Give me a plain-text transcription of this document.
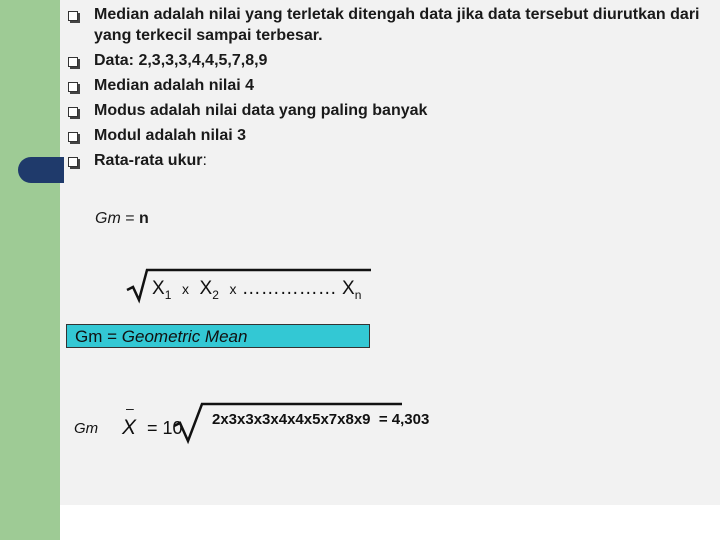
Median adalah nilai yang terletak ditengah data jika data tersebut diurutkan dari yang terkecil sampai terbesar.
Data: 2,3,3,3,4,4,5,7,8,9
Median adalah nilai 4
Modus adalah nilai data yang paling banyak
Modul adalah nilai 3
Rata-rata ukur:
Gm = n
$X_1$ x $X_2$ x …………… $X_n$
Gm = Geometric Mean
Gm
–
X = 10 2x3x3x3x4x4x5x7x8x9 = 4,303
